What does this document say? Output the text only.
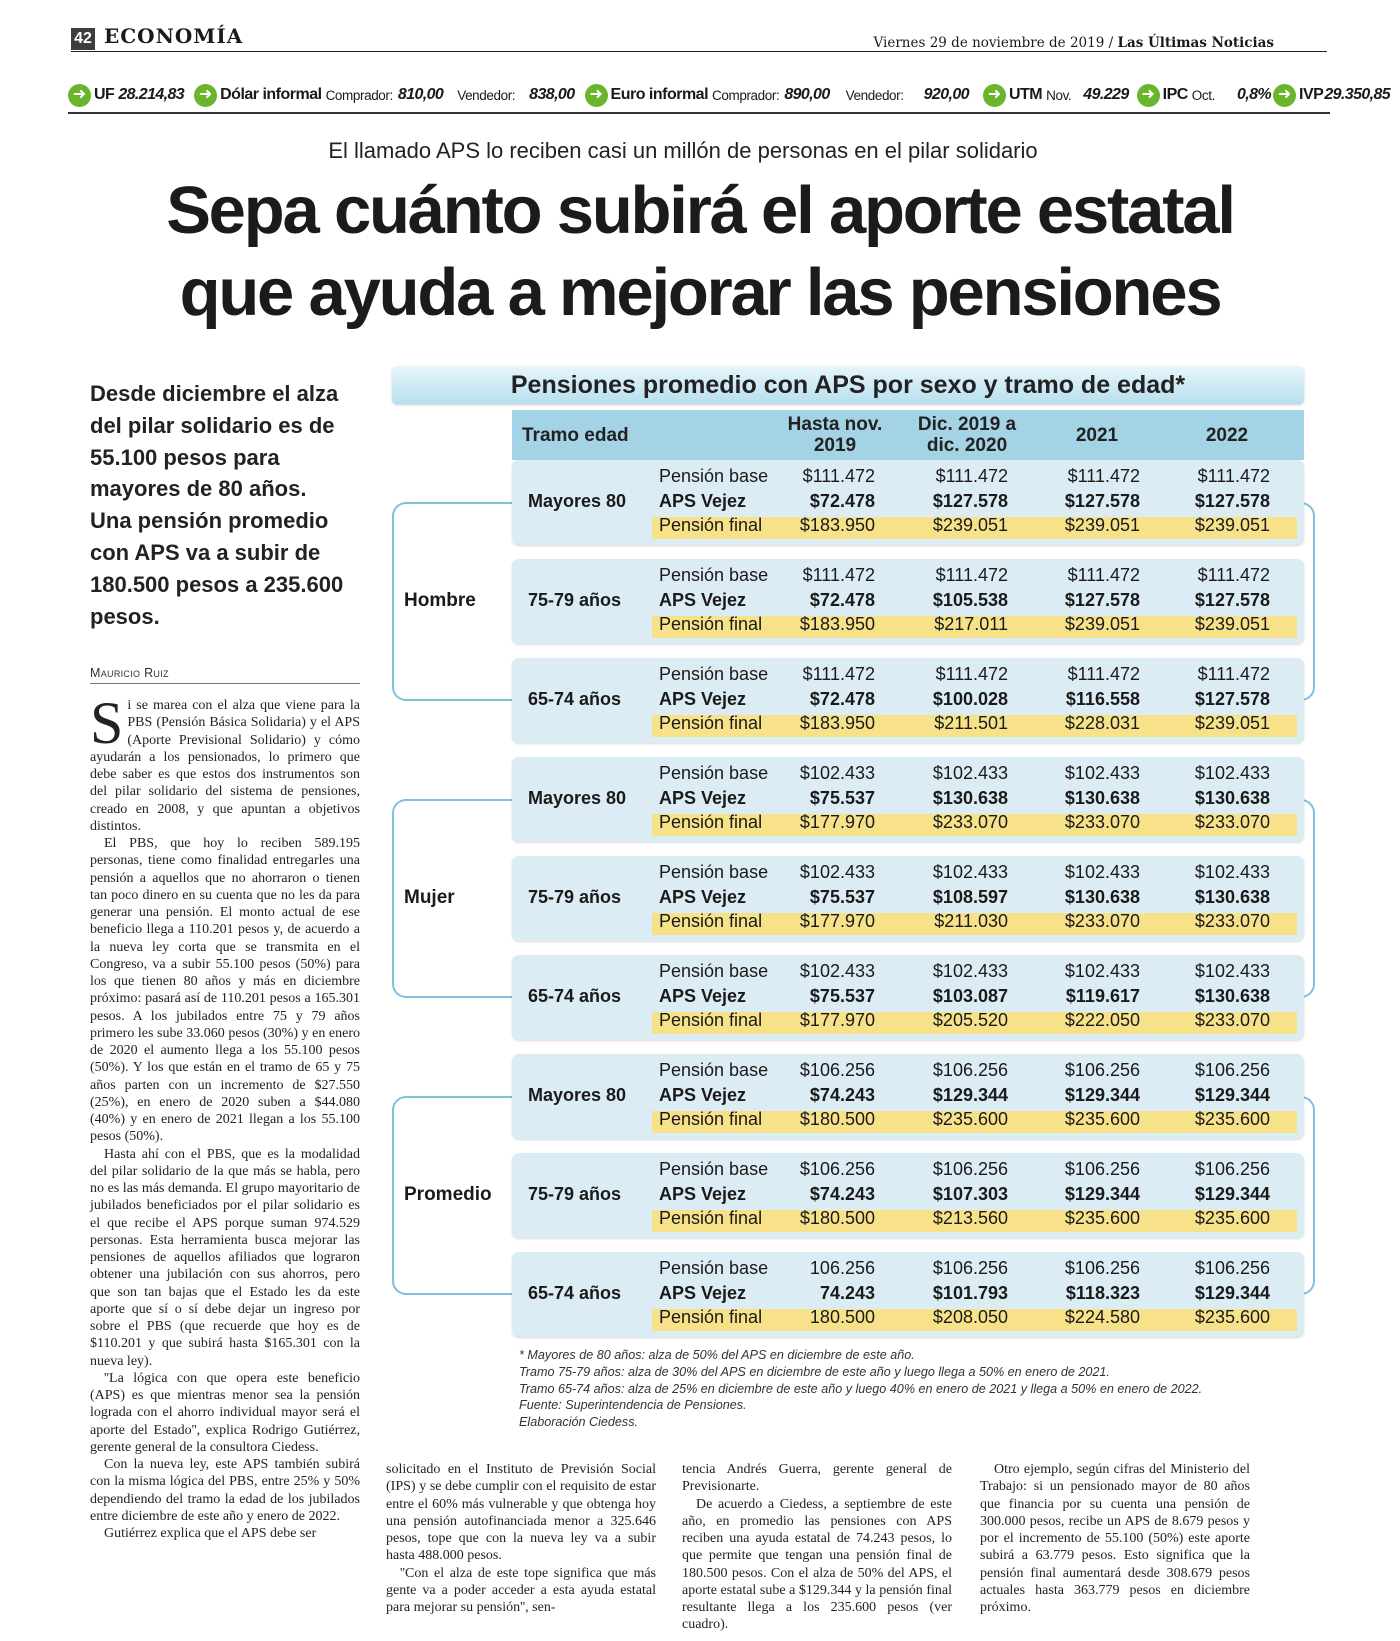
42 ECONOMÍA	Viernes 29 de noviembre de 2019 / Las Últimas Noticias
➜ UF 28.214,83 ➜ Dólar informal Comprador: 810,00 Vendedor: 838,00 ➜ Euro informal Comprador: 890,00 Vendedor: 920,00 ➜ UTM Nov. 49.229 ➜ IPC Oct. 0,8% ➜ IVP 29.350,85
El llamado APS lo reciben casi un millón de personas en el pilar solidario
Sepa cuánto subirá el aporte estatal
que ayuda a mejorar las pensiones
Desde diciembre el alza del pilar solidario es de 55.100 pesos para mayores de 80 años. Una pensión promedio con APS va a subir de 180.500 pesos a 235.600 pesos.
Mauricio Ruiz

Si se marea con el alza que viene para la PBS (Pensión Básica Solidaria) y el APS (Aporte Previsional Solidario) y cómo ayudarán a los pensionados, lo primero que debe saber es que estos dos instrumentos son del pilar solidario del sistema de pensiones, creado en 2008, y que apuntan a objetivos distintos.

El PBS, que hoy lo reciben 589.195 personas, tiene como finalidad entregarles una pensión a aquellos que no ahorraron o tienen tan poco dinero en su cuenta que no les da para generar una pensión. El monto actual de ese beneficio llega a 110.201 pesos y, de acuerdo a la nueva ley corta que se transmita en el Congreso, va a subir 55.100 pesos (50%) para los que tienen 80 años y más en diciembre próximo: pasará así de 110.201 pesos a 165.301 pesos. A los jubilados entre 75 y 79 años primero les sube 33.060 pesos (30%) y en enero de 2020 el aumento llega a los 55.100 pesos (50%). Y los que están en el tramo de 65 y 75 años parten con un incremento de $27.550 (25%), en enero de 2020 suben a $44.080 (40%) y en enero de 2021 llegan a los 55.100 pesos (50%).

Hasta ahí con el PBS, que es la modalidad del pilar solidario de la que más se habla, pero no es las más demanda. El grupo mayoritario de jubilados beneficiados por el pilar solidario es el que recibe el APS porque suman 974.529 personas. Esta herramienta busca mejorar las pensiones de aquellos afiliados que lograron obtener una jubilación con sus ahorros, pero que son tan bajas que el Estado les da este aporte que sí o sí debe dejar un ingreso por sobre el PBS (que recuerde que hoy es de $110.201 y que subirá hasta $165.301 con la nueva ley).

''La lógica con que opera este beneficio (APS) es que mientras menor sea la pensión lograda con el ahorro individual mayor será el aporte del Estado'', explica Rodrigo Gutiérrez, gerente general de la consultora Ciedess.

Con la nueva ley, este APS también subirá con la misma lógica del PBS, entre 25% y 50% dependiendo del tramo la edad de los jubilados entre diciembre de este año y enero de 2022.

Gutiérrez explica que el APS debe ser

Pensiones promedio con APS por sexo y tramo de edad*
Tramo edad	Hasta nov. 2019
Dic. 2019 a dic. 2020	2021	2022
Hombre
Mayores 80
Pensión base	$111.472	$111.472	$111.472	$111.472
APS Vejez	$72.478	$127.578	$127.578	$127.578
Pensión final	$183.950	$239.051	$239.051	$239.051
75-79 años
Pensión base	$111.472	$111.472	$111.472	$111.472
APS Vejez	$72.478	$105.538	$127.578	$127.578
Pensión final	$183.950	$217.011	$239.051	$239.051
65-74 años
Pensión base	$111.472	$111.472	$111.472	$111.472
APS Vejez	$72.478	$100.028	$116.558	$127.578
Pensión final	$183.950	$211.501	$228.031	$239.051
Mujer
Mayores 80
Pensión base	$102.433	$102.433	$102.433	$102.433
APS Vejez	$75.537	$130.638	$130.638	$130.638
Pensión final	$177.970	$233.070	$233.070	$233.070
75-79 años
Pensión base	$102.433	$102.433	$102.433	$102.433
APS Vejez	$75.537	$108.597	$130.638	$130.638
Pensión final	$177.970	$211.030	$233.070	$233.070
65-74 años
Pensión base	$102.433	$102.433	$102.433	$102.433
APS Vejez	$75.537	$103.087	$119.617	$130.638
Pensión final	$177.970	$205.520	$222.050	$233.070
Promedio
Mayores 80
Pensión base	$106.256	$106.256	$106.256	$106.256
APS Vejez	$74.243	$129.344	$129.344	$129.344
Pensión final	$180.500	$235.600	$235.600	$235.600
75-79 años
Pensión base	$106.256	$106.256	$106.256	$106.256
APS Vejez	$74.243	$107.303	$129.344	$129.344
Pensión final	$180.500	$213.560	$235.600	$235.600
65-74 años
Pensión base	106.256	$106.256	$106.256	$106.256
APS Vejez	74.243	$101.793	$118.323	$129.344
Pensión final	180.500	$208.050	$224.580	$235.600
* Mayores de 80 años: alza de 50% del APS en diciembre de este año.
Tramo 75-79 años: alza de 30% del APS en diciembre de este año y luego llega a 50% en enero de 2021.
Tramo 65-74 años: alza de 25% en diciembre de este año y luego 40% en enero de 2021 y llega a 50% en enero de 2022.
Fuente: Superintendencia de Pensiones.
Elaboración Ciedess.

solicitado en el Instituto de Previsión Social (IPS) y se debe cumplir con el requisito de estar entre el 60% más vulnerable y que obtenga hoy una pensión autofinanciada menor a 325.646 pesos, tope que con la nueva ley va a subir hasta 488.000 pesos.

''Con el alza de este tope significa que más gente va a poder acceder a esta ayuda estatal para mejorar su pensión'', sen-

tencia Andrés Guerra, gerente general de Previsionarte.

De acuerdo a Ciedess, a septiembre de este año, en promedio las pensiones con APS reciben una ayuda estatal de 74.243 pesos, lo que permite que tengan una pensión final de 180.500 pesos. Con el alza de 50% del APS, el aporte estatal sube a $129.344 y la pensión final resultante llega a los 235.600 pesos (ver cuadro).

Otro ejemplo, según cifras del Ministerio del Trabajo: si un pensionado mayor de 80 años que financia por su cuenta una pensión de 300.000 pesos, recibe un APS de 8.679 pesos y por el incremento de 55.100 (50%) este aporte subirá a 63.779 pesos. Esto significa que la pensión final aumentará desde 308.679 pesos actuales hasta 363.779 pesos en diciembre próximo.
